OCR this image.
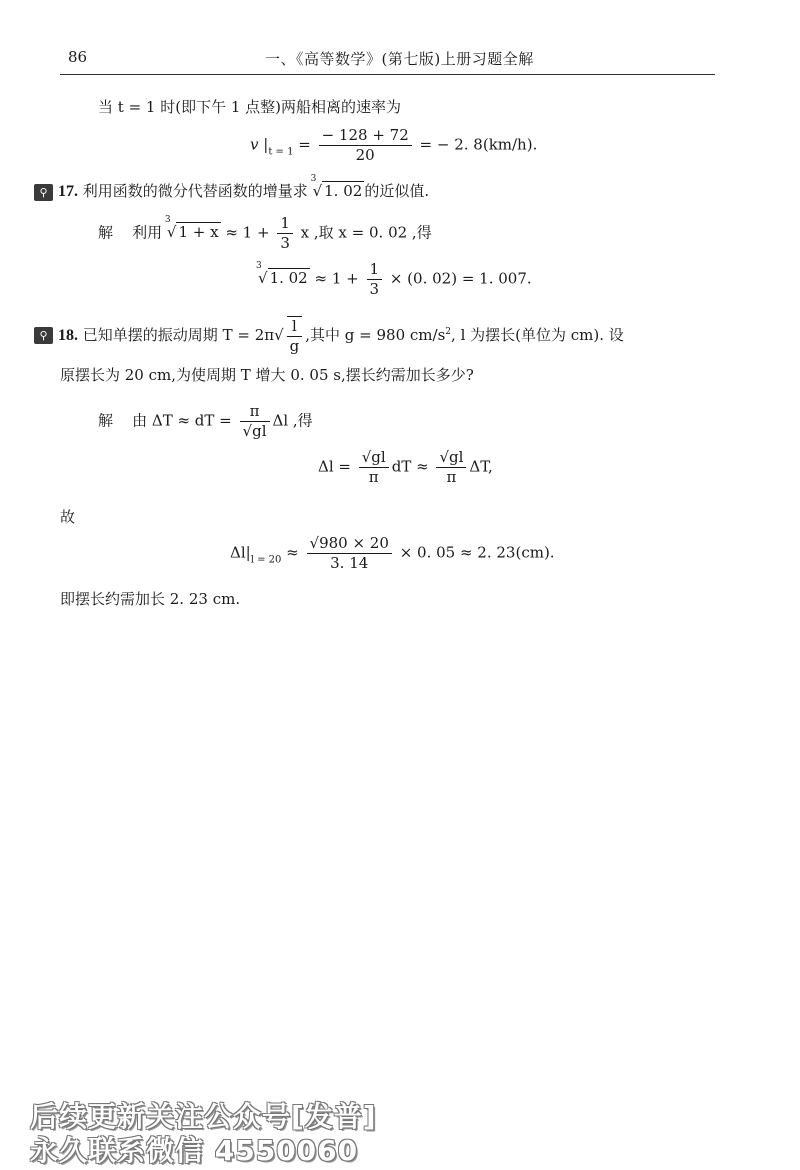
86	一、《高等数学》(第七版)上册习题全解
当 t = 1 时(即下午 1 点整)两船相离的速率为
v $|_{t = 1} = \frac{- 128 + 72}{20}$ = − 2. 8(km/h).
⚲ 17. 利用函数的微分代替函数的增量求
3
√ 1. 02 的近似值.
解 利用
3
√ $1 + x \approx 1 + \frac{1}{3}$ x ,取 x = 0. 02 ,得
3
√ 1. $02 \approx 1 + \frac{1}{3} \times (0$. 02) = 1. 007.
⚲ 18. 已知单摆的振动周期 $T = 2\pi√ \frac{l}{g}$ ,其中 g = 980 $cm/s^2$, l 为摆长(单位为 cm). 设
原摆长为 20 cm,为使周期 T 增大 0. 05 s,摆长约需加长多少?
解 由 ΔT ≈ dT = $\frac{\pi}{√gl}$ Δl ,得
$\Delta l = \frac{√gl}{\pi}$ dT ≈ $\frac{√gl}{\pi} \Delta T$,
故
$\Delta l|_{l = 20} \approx \frac{√980 \times 20}{3. 14} \times 0$. 05 ≈ 2. 23(cm).
即摆长约需加长 2. 23 cm.
后续更新关注公众号[发普]
永久联系微信 4550060
